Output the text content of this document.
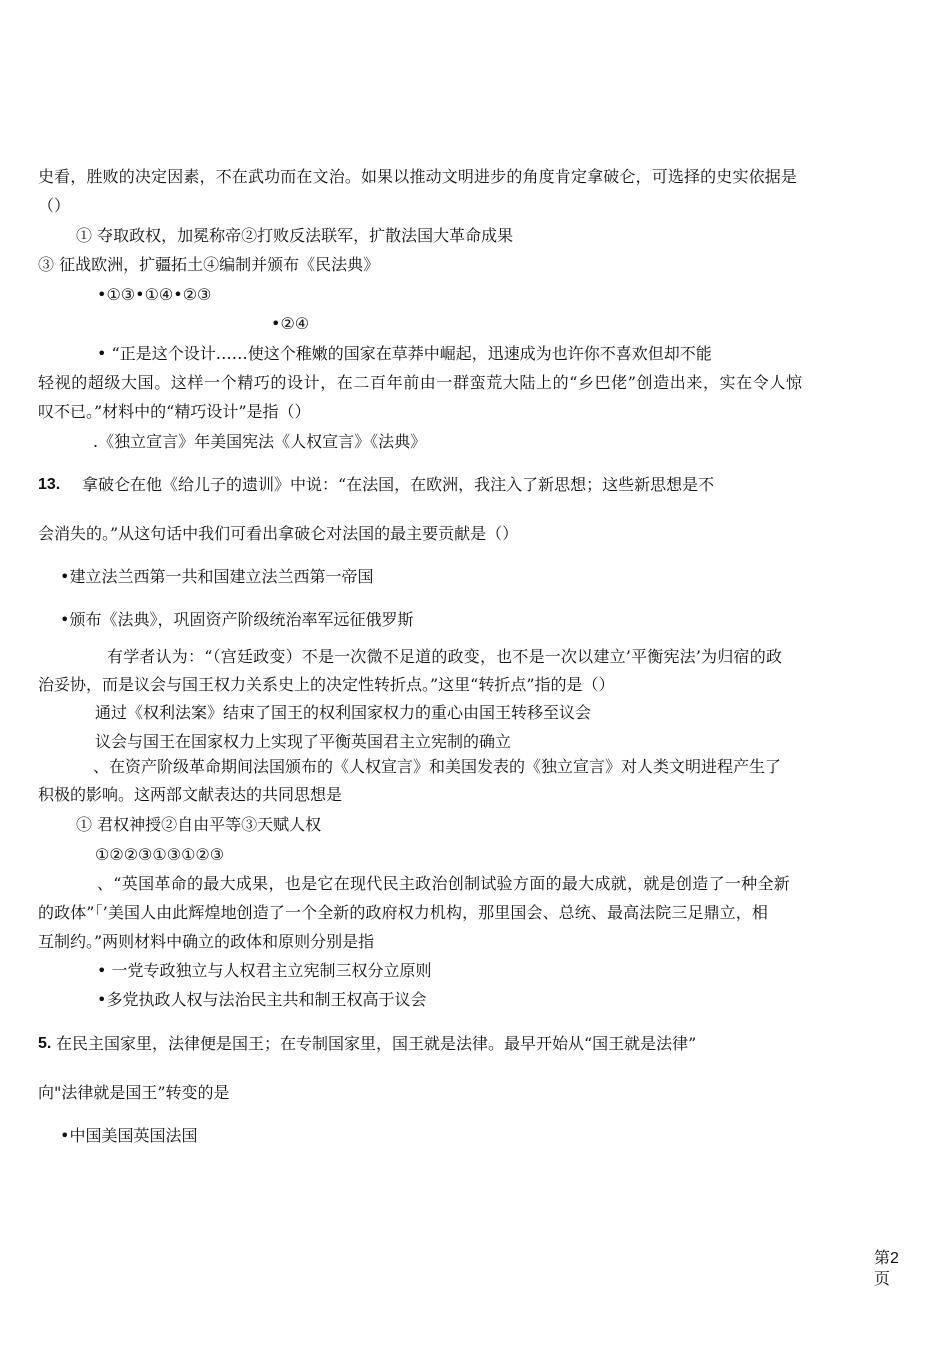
史看，胜败的决定因素，不在武功而在文治。如果以推动文明进步的角度肯定拿破仑，可选择的史实依据是
（）
① 夺取政权，加冕称帝②打败反法联军，扩散法国大革命成果
③ 征战欧洲，扩疆拓土④编制并颁布《民法典》
•①③•①④•②③
•②④
• “正是这个设计……使这个稚嫩的国家在草莽中崛起，迅速成为也许你不喜欢但却不能
轻视的超级大国。这样一个精巧的设计，在二百年前由一群蛮荒大陆上的“乡巴佬”创造出来，实在令人惊
叹不已。”材料中的“精巧设计”是指（）
.《独立宣言》年美国宪法《人权宣言》《法典》
13. 拿破仑在他《给儿子的遗训》中说：“在法国，在欧洲，我注入了新思想；这些新思想是不
会消失的。”从这句话中我们可看出拿破仑对法国的最主要贡献是（）
•建立法兰西第一共和国建立法兰西第一帝国
•颁布《法典》，巩固资产阶级统治率军远征俄罗斯
有学者认为：“（宫廷政变）不是一次微不足道的政变，也不是一次以建立’平衡宪法’为归宿的政
治妥协，而是议会与国王权力关系史上的决定性转折点。”这里“转折点”指的是（）
通过《权利法案》结束了国王的权利国家权力的重心由国王转移至议会
议会与国王在国家权力上实现了平衡英国君主立宪制的确立
、在资产阶级革命期间法国颁布的《人权宣言》和美国发表的《独立宣言》对人类文明进程产生了
积极的影响。这两部文献表达的共同思想是
① 君权神授②自由平等③天赋人权
①②②③①③①②③
、“英国革命的最大成果，也是它在现代民主政治创制试验方面的最大成就，就是创造了一种全新
的政体”「’美国人由此辉煌地创造了一个全新的政府权力机构，那里国会、总统、最高法院三足鼎立，相
互制约。”两则材料中确立的政体和原则分别是指
• 一党专政独立与人权君主立宪制三权分立原则
•多党执政人权与法治民主共和制王权高于议会
5. 在民主国家里，法律便是国王；在专制国家里，国王就是法律。最早开始从“国王就是法律”
向"法律就是国王”转变的是
•中国美国英国法国
第2
页
